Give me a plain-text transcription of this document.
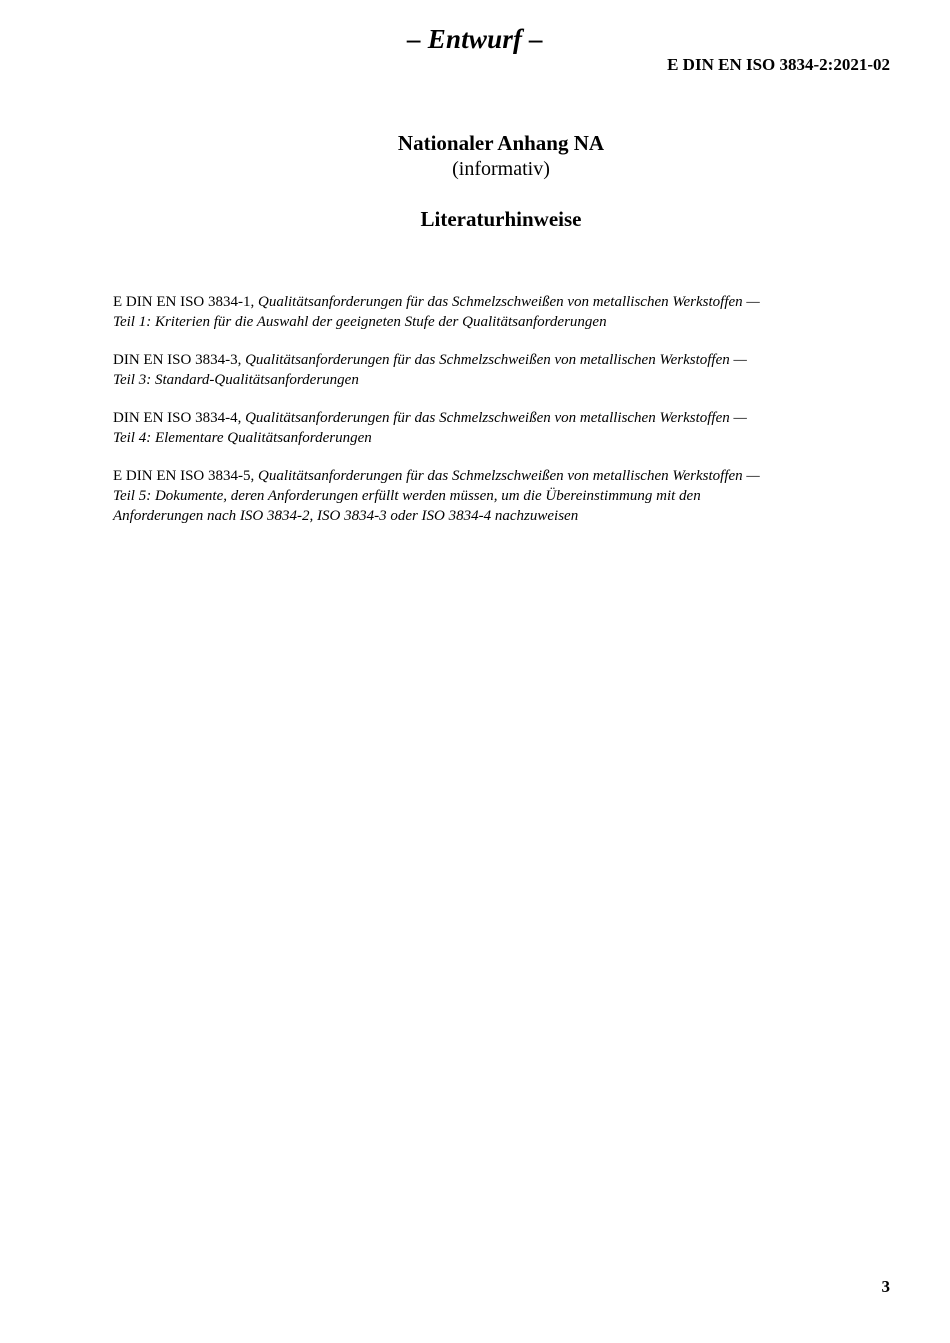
– Entwurf –
E DIN EN ISO 3834-2:2021-02
Nationaler Anhang NA
(informativ)
Literaturhinweise
E DIN EN ISO 3834-1, Qualitätsanforderungen für das Schmelzschweißen von metallischen Werkstoffen —
Teil 1: Kriterien für die Auswahl der geeigneten Stufe der Qualitätsanforderungen
DIN EN ISO 3834-3, Qualitätsanforderungen für das Schmelzschweißen von metallischen Werkstoffen —
Teil 3: Standard-Qualitätsanforderungen
DIN EN ISO 3834-4, Qualitätsanforderungen für das Schmelzschweißen von metallischen Werkstoffen —
Teil 4: Elementare Qualitätsanforderungen
E DIN EN ISO 3834-5, Qualitätsanforderungen für das Schmelzschweißen von metallischen Werkstoffen —
Teil 5: Dokumente, deren Anforderungen erfüllt werden müssen, um die Übereinstimmung mit den
Anforderungen nach ISO 3834-2, ISO 3834-3 oder ISO 3834-4 nachzuweisen
3
